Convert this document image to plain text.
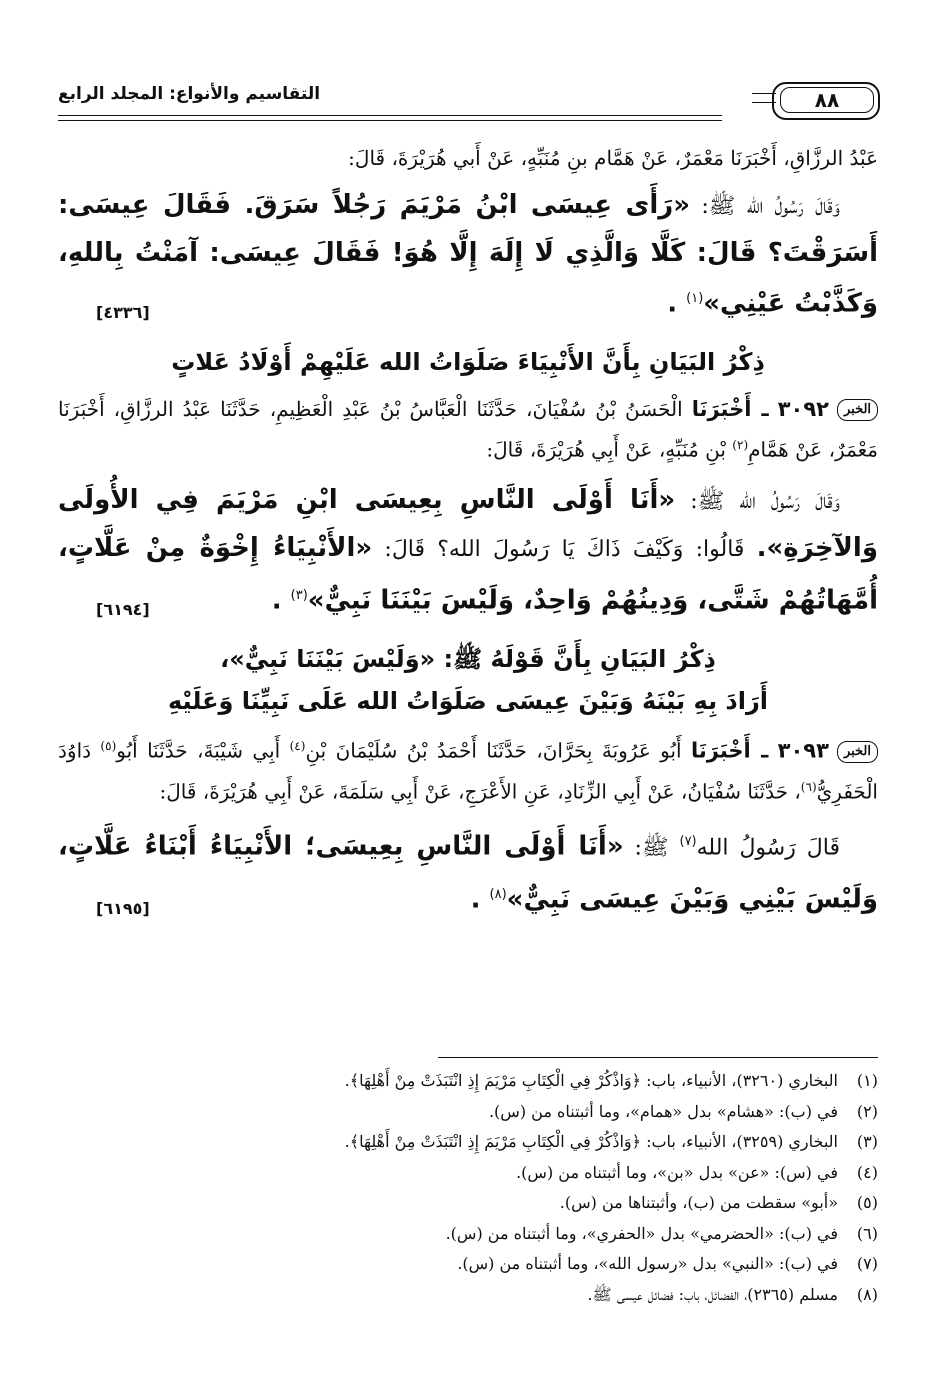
٨٨
التقاسيم والأنواع: المجلد الرابع

عَبْدُ الرزَّاقِ، أَخْبَرَنَا مَعْمَرٌ، عَنْ هَمَّام بنِ مُنَبِّهٍ، عَنْ أَبي هُرَيْرَةَ، قَالَ:

وَقَالَ رَسُولُ الله ﷺ: «رَأَى عِيسَى ابْنُ مَرْيَمَ رَجُلاً سَرَقَ. فَقَالَ عِيسَى: أَسَرَقْتَ؟ قَالَ: كَلَّا وَالَّذِي لَا إِلَهَ إِلَّا هُوَ! فَقَالَ عِيسَى: آمَنْتُ بِاللهِ، وَكَذَّبْتُ عَيْنِي»$^{(١)}$ .
[٤٣٣٦]

ذِكْرُ البَيَانِ بِأَنَّ الأَنْبِيَاءَ صَلَوَاتُ الله عَلَيْهِمْ أَوْلَادُ عَلاتٍ

الخبر٣٠٩٢ ـ أَخْبَرَنَا الْحَسَنُ بْنُ سُفْيَانَ، حَدَّثَنَا الْعَبَّاسُ بْنُ عَبْدِ الْعَظِيمِ، حَدَّثَنَا عَبْدُ الرزَّاقِ، أَخْبَرَنَا مَعْمَرٌ، عَنْ هَمَّامِ$^{(٢)}$ بْنِ مُنَبِّهٍ، عَنْ أَبِي هُرَيْرَةَ، قَالَ:

وَقَالَ رَسُولُ الله ﷺ: «أَنَا أَوْلَى النَّاسِ بِعِيسَى ابْنِ مَرْيَمَ فِي الأُولَى وَالآخِرَةِ». قَالُوا: وَكَيْفَ ذَاكَ يَا رَسُولَ الله؟ قَالَ: «الأَنْبِيَاءُ إِخْوَةٌ مِنْ عَلَّاتٍ، أُمَّهَاتُهُمْ شَتَّى، وَدِينُهُمْ وَاحِدٌ، وَلَيْسَ بَيْنَنَا نَبِيٌّ»$^{(٣)}$ .
[٦١٩٤]

ذِكْرُ البَيَانِ بِأَنَّ قَوْلَهُ ﷺ: «وَلَيْسَ بَيْنَنَا نَبِيٌّ»،

أَرَادَ بِهِ بَيْنَهُ وَبَيْنَ عِيسَى صَلَوَاتُ الله عَلَى نَبِيِّنَا وَعَلَيْهِ

الخبر٣٠٩٣ ـ أَخْبَرَنَا أَبُو عَرُوبَةَ بِحَرَّانَ، حَدَّثَنَا أَحْمَدُ بْنُ سُلَيْمَانَ بْنِ$^{(٤)}$ أَبِي شَيْبَةَ، حَدَّثَنَا أَبُو$^{(٥)}$ دَاوُدَ الْحَفَرِيُّ$^{(٦)}$، حَدَّثَنَا سُفْيَانُ، عَنْ أَبِي الزِّنَادِ، عَنِ الأَعْرَجِ، عَنْ أَبِي سَلَمَةَ، عَنْ أَبِي هُرَيْرَةَ، قَالَ:

قَالَ رَسُولُ الله$^{(٧)}$ ﷺ: «أَنَا أَوْلَى النَّاسِ بِعِيسَى؛ الأَنْبِيَاءُ أَبْنَاءُ عَلَّاتٍ، وَلَيْسَ بَيْنِي وَبَيْنَ عِيسَى نَبِيٌّ»$^{(٨)}$ .
[٦١٩٥]

(١)البخاري (٣٢٦٠)، الأنبياء، باب: ﴿وَاذْكُرْ فِي الْكِتَابِ مَرْيَمَ إِذِ انْتَبَذَتْ مِنْ أَهْلِهَا﴾.
(٢)في (ب): «هشام» بدل «همام»، وما أثبتناه من (س).
(٣)البخاري (٣٢٥٩)، الأنبياء، باب: ﴿وَاذْكُرْ فِي الْكِتَابِ مَرْيَمَ إِذِ انْتَبَذَتْ مِنْ أَهْلِهَا﴾.
(٤)في (س): «عن» بدل «بن»، وما أثبتناه من (س).
(٥)«أبو» سقطت من (ب)، وأثبتناها من (س).
(٦)في (ب): «الحضرمي» بدل «الحفري»، وما أثبتناه من (س).
(٧)في (ب): «النبي» بدل «رسول الله»، وما أثبتناه من (س).
(٨)مسلم (٢٣٦٥)، الفضائل، باب: فضائل عيسى ﷺ.
